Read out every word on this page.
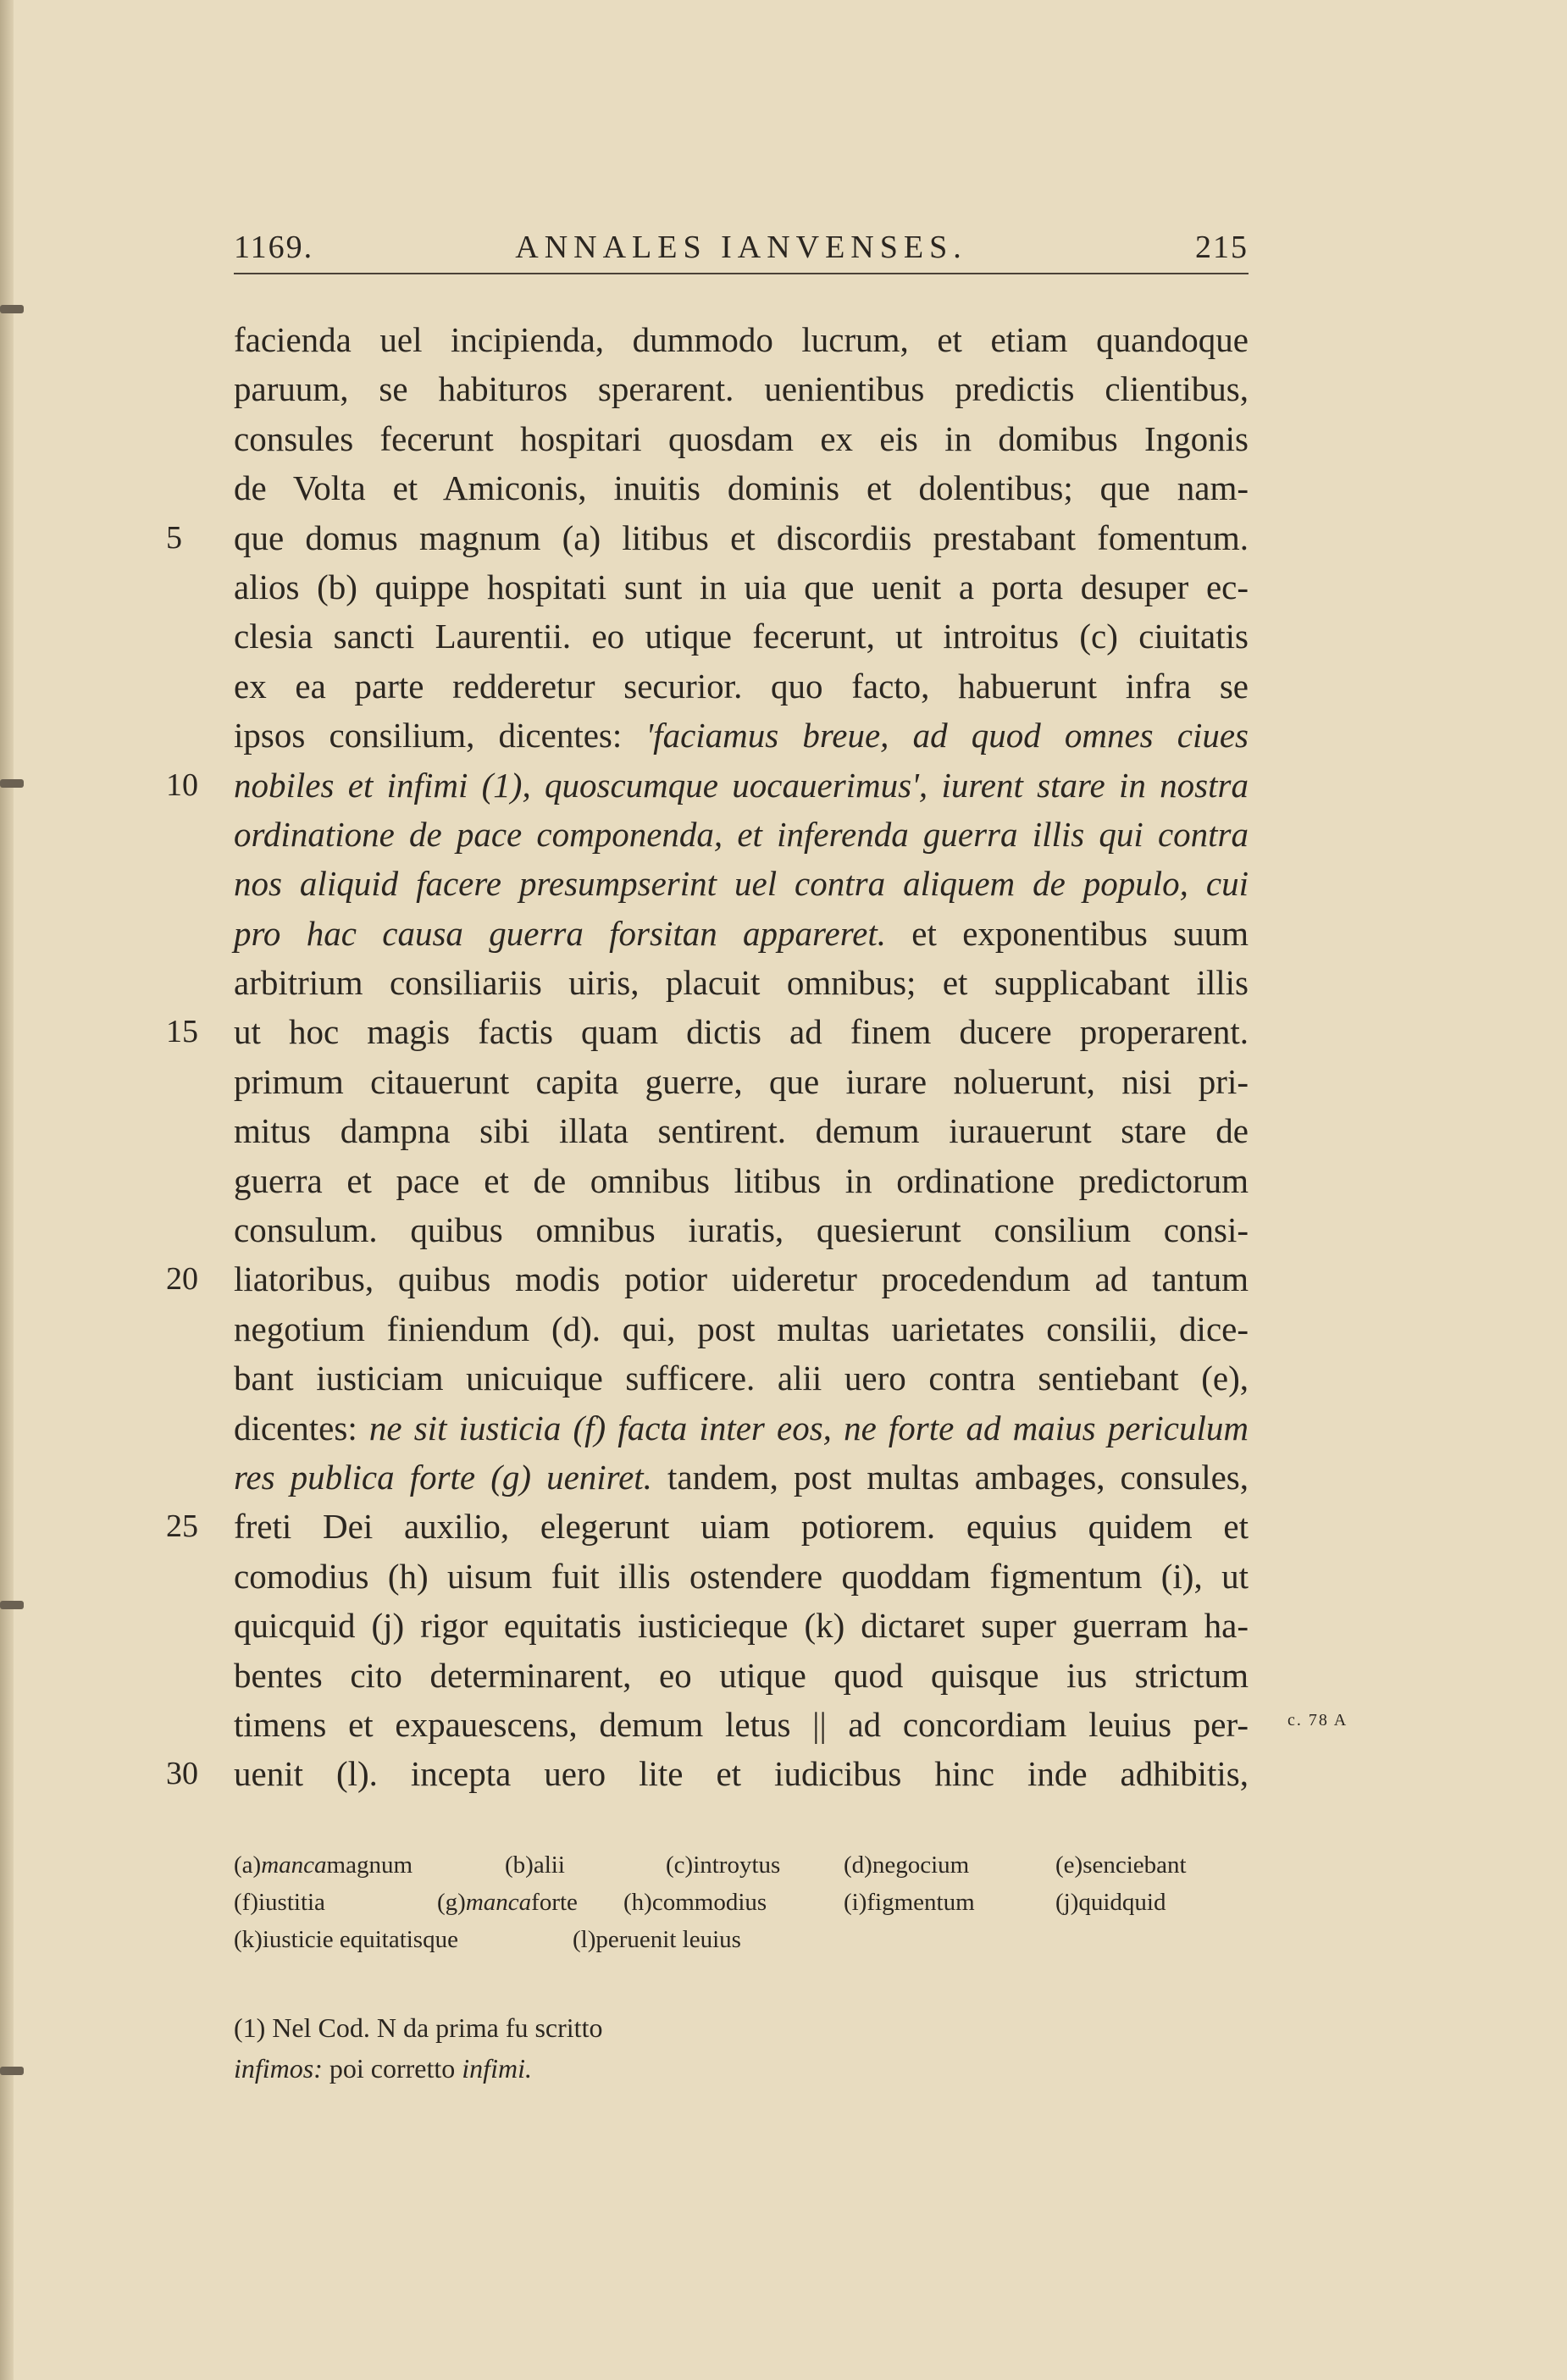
1169.	ANNALES IANVENSES.	215
facienda uel incipienda, dummodo lucrum, et etiam quandoque
paruum, se habituros sperarent. uenientibus predictis clientibus,
consules fecerunt hospitari quosdam ex eis in domibus Ingonis
de Volta et Amiconis, inuitis dominis et dolentibus; que nam-
que domus magnum (a) litibus et discordiis prestabant fomentum.
5
alios (b) quippe hospitati sunt in uia que uenit a porta desuper ec-
clesia sancti Laurentii. eo utique fecerunt, ut introitus (c) ciuitatis
ex ea parte redderetur securior. quo facto, habuerunt infra se
ipsos consilium, dicentes: 'faciamus breue, ad quod omnes ciues
nobiles et infimi (1), quoscumque uocauerimus', iurent stare in nostra
10
ordinatione de pace componenda, et inferenda guerra illis qui contra
nos aliquid facere presumpserint uel contra aliquem de populo, cui
pro hac causa guerra forsitan appareret. et exponentibus suum
arbitrium consiliariis uiris, placuit omnibus; et supplicabant illis
ut hoc magis factis quam dictis ad finem ducere properarent.
15
primum citauerunt capita guerre, que iurare noluerunt, nisi pri-
mitus dampna sibi illata sentirent. demum iurauerunt stare de
guerra et pace et de omnibus litibus in ordinatione predictorum
consulum. quibus omnibus iuratis, quesierunt consilium consi-
liatoribus, quibus modis potior uideretur procedendum ad tantum
20
negotium finiendum (d). qui, post multas uarietates consilii, dice-
bant iusticiam unicuique sufficere. alii uero contra sentiebant (e),
dicentes: ne sit iusticia (f) facta inter eos, ne forte ad maius periculum
res publica forte (g) ueniret. tandem, post multas ambages, consules,
freti Dei auxilio, elegerunt uiam potiorem. equius quidem et
25
comodius (h) uisum fuit illis ostendere quoddam figmentum (i), ut
quicquid (j) rigor equitatis iusticieque (k) dictaret super guerram ha-
bentes cito determinarent, eo utique quod quisque ius strictum
timens et expauescens, demum letus || ad concordiam leuius per-
uenit (l). incepta uero lite et iudicibus hinc inde adhibitis,
30
c. 78 A
(a)mancamagnum	(b)alii	(c)introytus	(d)negocium	(e)senciebant
(f)iustitia	(g)mancaforte (h)commodius	(i)figmentum	(j)quidquid
(k)iusticie equitatisque	(l)peruenit leuius
(1) Nel Cod. N da prima fu scritto
infimos: poi corretto infimi.
